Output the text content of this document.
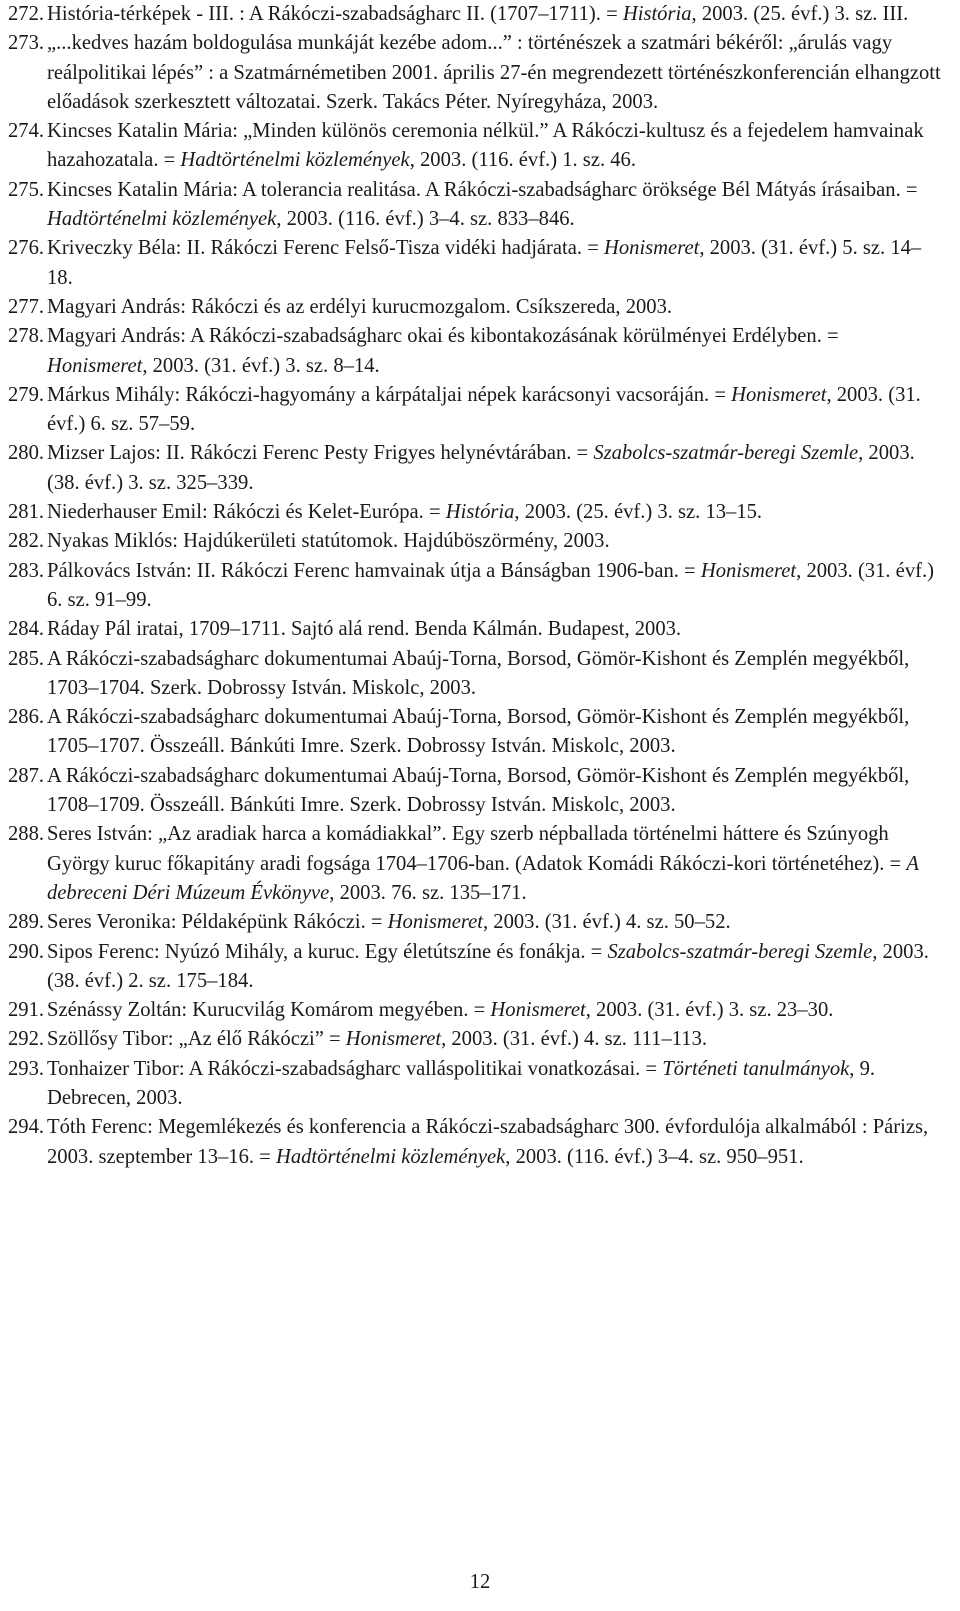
272. História-térképek - III. : A Rákóczi-szabadságharc II. (1707–1711). = História, 2003. (25. évf.) 3. sz. III.
273. „...kedves hazám boldogulása munkáját kezébe adom...” : történészek a szatmári békéről: „árulás vagy reálpolitikai lépés” : a Szatmárnémetiben 2001. április 27-én megrendezett történészkonferencián elhangzott előadások szerkesztett változatai. Szerk. Takács Péter. Nyíregyháza, 2003.
274. Kincses Katalin Mária: „Minden különös ceremonia nélkül.” A Rákóczi-kultusz és a fejedelem hamvainak hazahozatala. = Hadtörténelmi közlemények, 2003. (116. évf.) 1. sz. 46.
275. Kincses Katalin Mária: A tolerancia realitása. A Rákóczi-szabadságharc öröksége Bél Mátyás írásaiban. = Hadtörténelmi közlemények, 2003. (116. évf.) 3–4. sz. 833–846.
276. Kriveczky Béla: II. Rákóczi Ferenc Felső-Tisza vidéki hadjárata. = Honismeret, 2003. (31. évf.) 5. sz. 14–18.
277. Magyari András: Rákóczi és az erdélyi kurucmozgalom. Csíkszereda, 2003.
278. Magyari András: A Rákóczi-szabadságharc okai és kibontakozásának körülményei Erdélyben. = Honismeret, 2003. (31. évf.) 3. sz. 8–14.
279. Márkus Mihály: Rákóczi-hagyomány a kárpátaljai népek karácsonyi vacsoráján. = Honismeret, 2003. (31. évf.) 6. sz. 57–59.
280. Mizser Lajos: II. Rákóczi Ferenc Pesty Frigyes helynévtárában. = Szabolcs-szatmár-beregi Szemle, 2003. (38. évf.) 3. sz. 325–339.
281. Niederhauser Emil: Rákóczi és Kelet-Európa. = História, 2003. (25. évf.) 3. sz. 13–15.
282. Nyakas Miklós: Hajdúkerületi statútomok. Hajdúböszörmény, 2003.
283. Pálkovács István: II. Rákóczi Ferenc hamvainak útja a Bánságban 1906-ban. = Honismeret, 2003. (31. évf.) 6. sz. 91–99.
284. Ráday Pál iratai, 1709–1711. Sajtó alá rend. Benda Kálmán. Budapest, 2003.
285. A Rákóczi-szabadságharc dokumentumai Abaúj-Torna, Borsod, Gömör-Kishont és Zemplén megyékből, 1703–1704. Szerk. Dobrossy István. Miskolc, 2003.
286. A Rákóczi-szabadságharc dokumentumai Abaúj-Torna, Borsod, Gömör-Kishont és Zemplén megyékből, 1705–1707. Összeáll. Bánkúti Imre. Szerk. Dobrossy István. Miskolc, 2003.
287. A Rákóczi-szabadságharc dokumentumai Abaúj-Torna, Borsod, Gömör-Kishont és Zemplén megyékből, 1708–1709. Összeáll. Bánkúti Imre. Szerk. Dobrossy István. Miskolc, 2003.
288. Seres István: „Az aradiak harca a komádiakkal”. Egy szerb népballada történelmi háttere és Szúnyogh György kuruc főkapitány aradi fogsága 1704–1706-ban. (Adatok Komádi Rákóczi-kori történetéhez). = A debreceni Déri Múzeum Évkönyve, 2003. 76. sz. 135–171.
289. Seres Veronika: Példaképünk Rákóczi. = Honismeret, 2003. (31. évf.) 4. sz. 50–52.
290. Sipos Ferenc: Nyúzó Mihály, a kuruc. Egy életútszíne és fonákja. = Szabolcs-szatmár-beregi Szemle, 2003. (38. évf.) 2. sz. 175–184.
291. Szénássy Zoltán: Kurucvilág Komárom megyében. = Honismeret, 2003. (31. évf.) 3. sz. 23–30.
292. Szöllősy Tibor: „Az élő Rákóczi” = Honismeret, 2003. (31. évf.) 4. sz. 111–113.
293. Tonhaizer Tibor: A Rákóczi-szabadságharc valláspolitikai vonatkozásai. = Történeti tanulmányok, 9. Debrecen, 2003.
294. Tóth Ferenc: Megemlékezés és konferencia a Rákóczi-szabadságharc 300. évfordulója alkalmából : Párizs, 2003. szeptember 13–16. = Hadtörténelmi közlemények, 2003. (116. évf.) 3–4. sz. 950–951.
12
